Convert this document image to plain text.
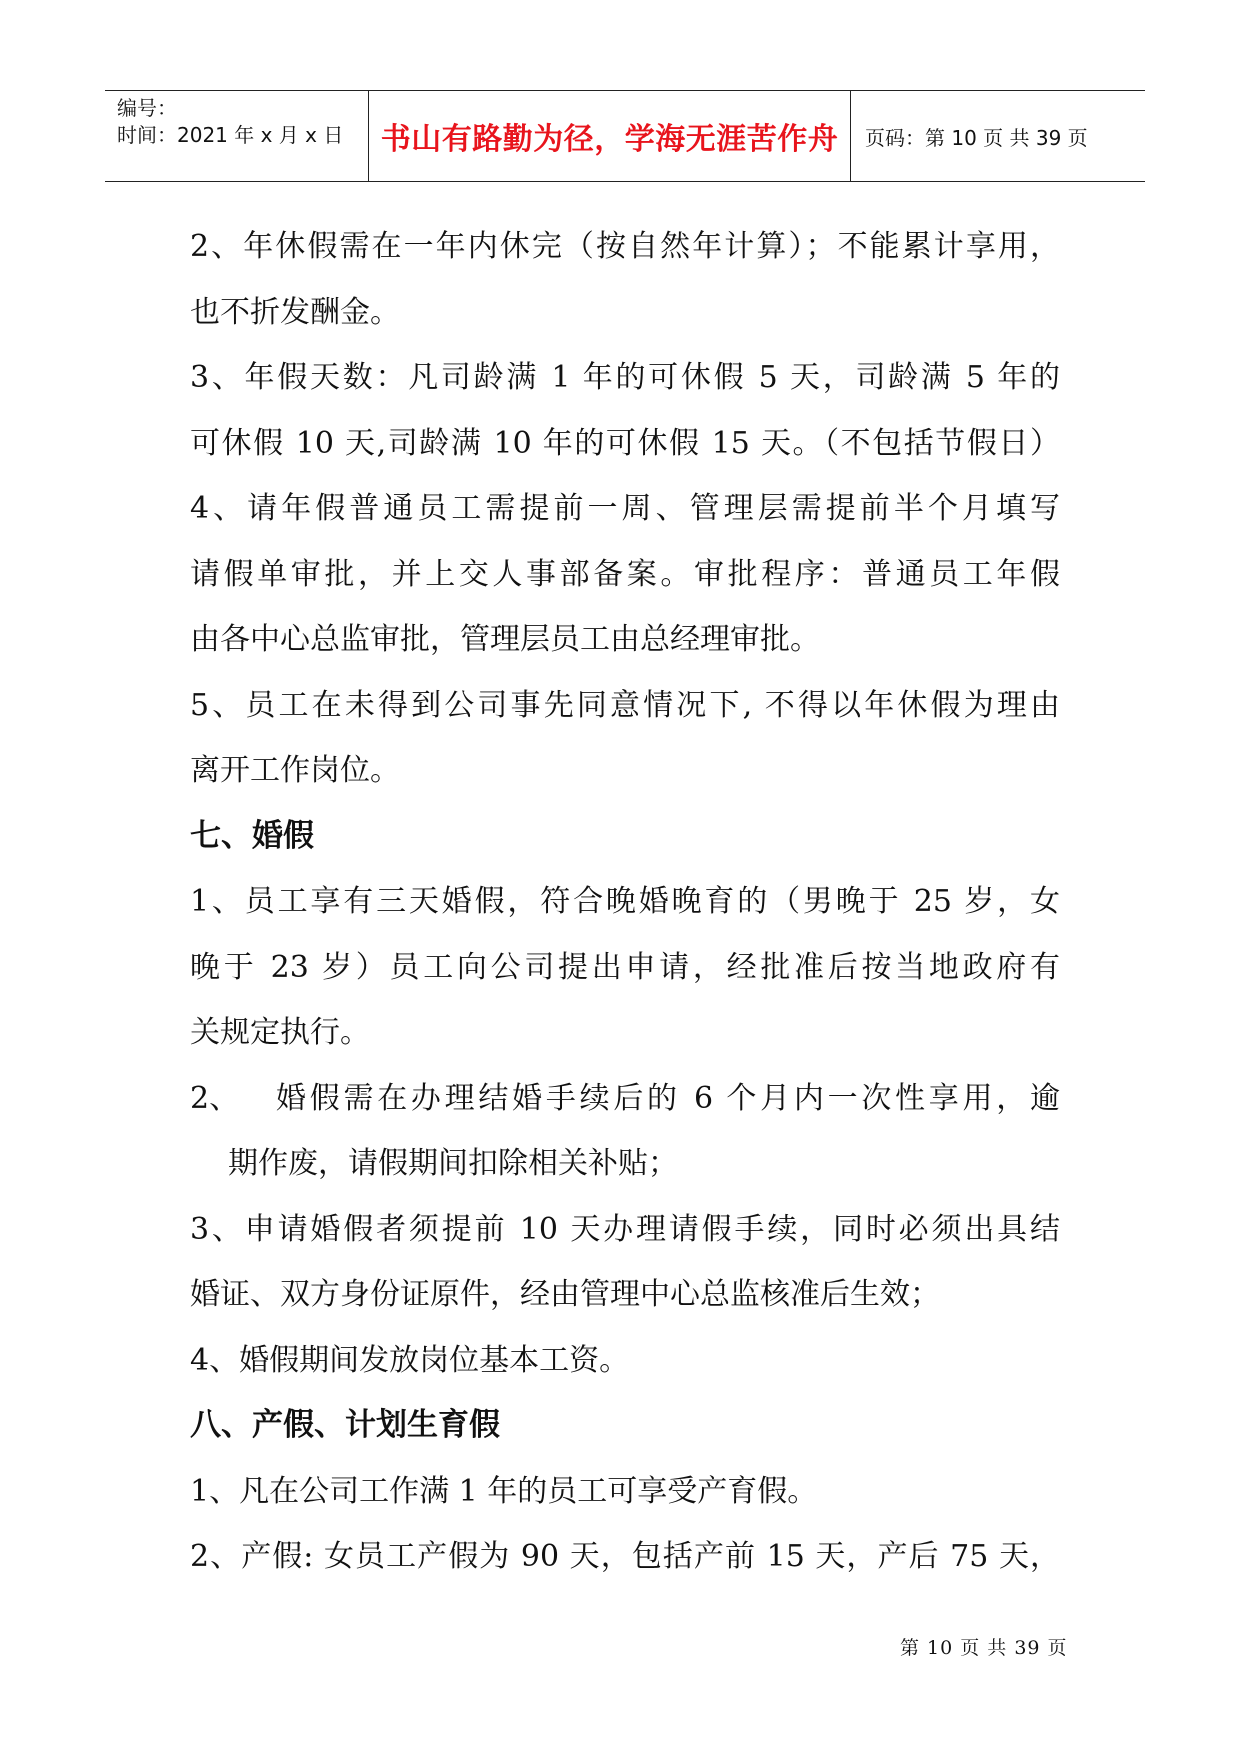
编号：
时间：2021 年 x 月 x 日	书山有路勤为径，学海无涯苦作舟 页码：第 10 页 共 39 页

2、年休假需在一年内休完（按自然年计算）；不能累计享用，

也不折发酬金。

3、年假天数：凡司龄满 1 年的可休假 5 天，司龄满 5 年的

可休假 10 天,司龄满 10 年的可休假 15 天。（不包括节假日）

4、请年假普通员工需提前一周、管理层需提前半个月填写

请假单审批，并上交人事部备案。审批程序：普通员工年假

由各中心总监审批，管理层员工由总经理审批。

5、员工在未得到公司事先同意情况下, 不得以年休假为理由

离开工作岗位。

七、婚假

1、员工享有三天婚假，符合晚婚晚育的（男晚于 25 岁，女

晚于 23 岁）员工向公司提出申请，经批准后按当地政府有

关规定执行。

2、	婚假需在办理结婚手续后的 6 个月内一次性享用，逾

期作废，请假期间扣除相关补贴；

3、申请婚假者须提前 10 天办理请假手续，同时必须出具结

婚证、双方身份证原件，经由管理中心总监核准后生效；

4、婚假期间发放岗位基本工资。

八、产假、计划生育假

1、凡在公司工作满 1 年的员工可享受产育假。

2、产假: 女员工产假为 90 天，包括产前 15 天，产后 75 天，

第 10 页 共 39 页
